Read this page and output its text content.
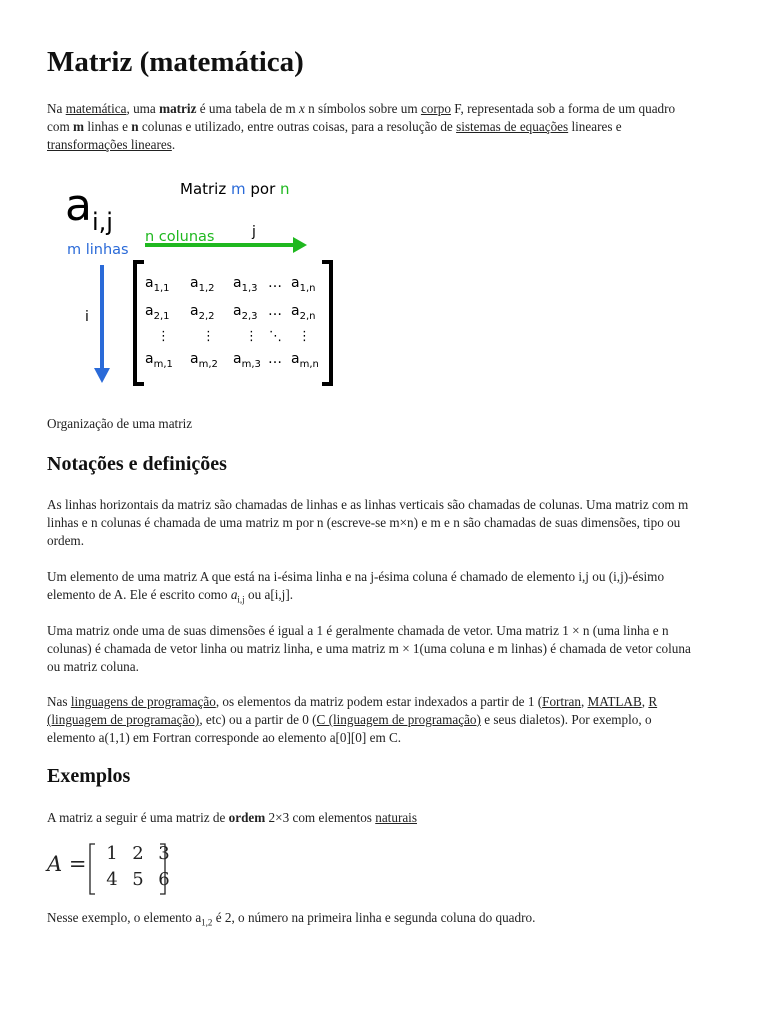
Matriz (matemática)

Na matemática, uma matriz é uma tabela de m x n símbolos sobre um corpo F, representada sob a forma de um quadro com m linhas e n colunas e utilizado, entre outras coisas, para a resolução de sistemas de equações lineares e transformações lineares.

a i,j
Matriz m por n
m linhas
n colunas	j
i
$a_{1,1}$ $a_{1,2}$ $a_{1,3}$ … $a_{1,n}$
$a_{2,1}$ $a_{2,2}$ $a_{2,3}$ … $a_{2,n}$
⋮ ⋮ ⋮ ⋱ ⋮
$a_{m,1}$ $a_{m,2}$ $a_{m,3}$ … $a_{m,n}$

Organização de uma matriz

Notações e definições

As linhas horizontais da matriz são chamadas de linhas e as linhas verticais são chamadas de colunas. Uma matriz com m linhas e n colunas é chamada de uma matriz m por n (escreve-se m×n) e m e n são chamadas de suas dimensões, tipo ou ordem.

Um elemento de uma matriz A que está na i-ésima linha e na j-ésima coluna é chamado de elemento i,j ou (i,j)-ésimo elemento de A. Ele é escrito como $a_{i,j}$ ou a[i,j].

Uma matriz onde uma de suas dimensões é igual a 1 é geralmente chamada de vetor. Uma matriz 1 × n (uma linha e n colunas) é chamada de vetor linha ou matriz linha, e uma matriz m × 1(uma coluna e m linhas) é chamada de vetor coluna ou matriz coluna.

Nas linguagens de programação, os elementos da matriz podem estar indexados a partir de 1 (Fortran, MATLAB, R (linguagem de programação), etc) ou a partir de 0 (C (linguagem de programação) e seus dialetos). Por exemplo, o elemento a(1,1) em Fortran corresponde ao elemento a[0][0] em C.

Exemplos

A matriz a seguir é uma matriz de ordem 2×3 com elementos naturais

A =	1 2 3
4 5 6

Nesse exemplo, o elemento $a_{1,2}$ é 2, o número na primeira linha e segunda coluna do quadro.
